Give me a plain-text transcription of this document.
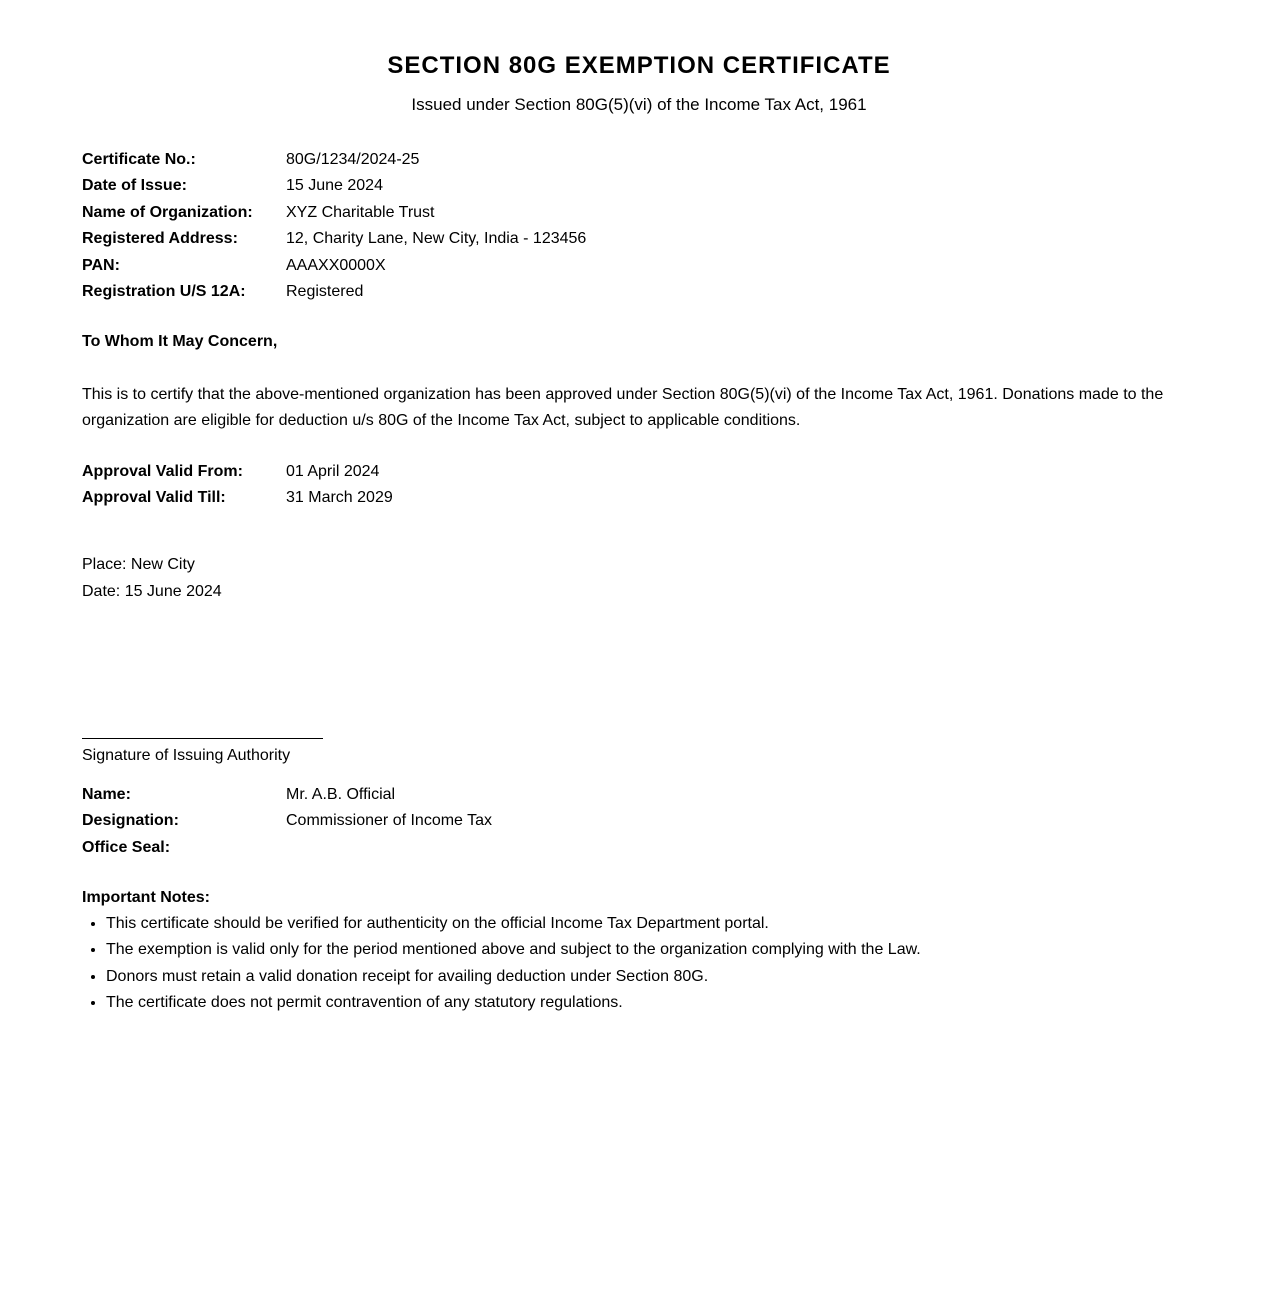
SECTION 80G EXEMPTION CERTIFICATE
Issued under Section 80G(5)(vi) of the Income Tax Act, 1961
Certificate No.:	80G/1234/2024-25
Date of Issue:	15 June 2024
Name of Organization:	XYZ Charitable Trust
Registered Address:	12, Charity Lane, New City, India - 123456
PAN:	AAAXX0000X
Registration U/S 12A:	Registered
To Whom It May Concern,
This is to certify that the above-mentioned organization has been approved under Section 80G(5)(vi) of the Income Tax Act, 1961. Donations made to the organization are eligible for deduction u/s 80G of the Income Tax Act, subject to applicable conditions.
Approval Valid From:	01 April 2024
Approval Valid Till:	31 March 2029
Place: New City
Date: 15 June 2024
Signature of Issuing Authority
Name:	Mr. A.B. Official
Designation:	Commissioner of Income Tax
Office Seal:
Important Notes:
• This certificate should be verified for authenticity on the official Income Tax Department portal.
• The exemption is valid only for the period mentioned above and subject to the organization complying with the Law.
• Donors must retain a valid donation receipt for availing deduction under Section 80G.
• The certificate does not permit contravention of any statutory regulations.
